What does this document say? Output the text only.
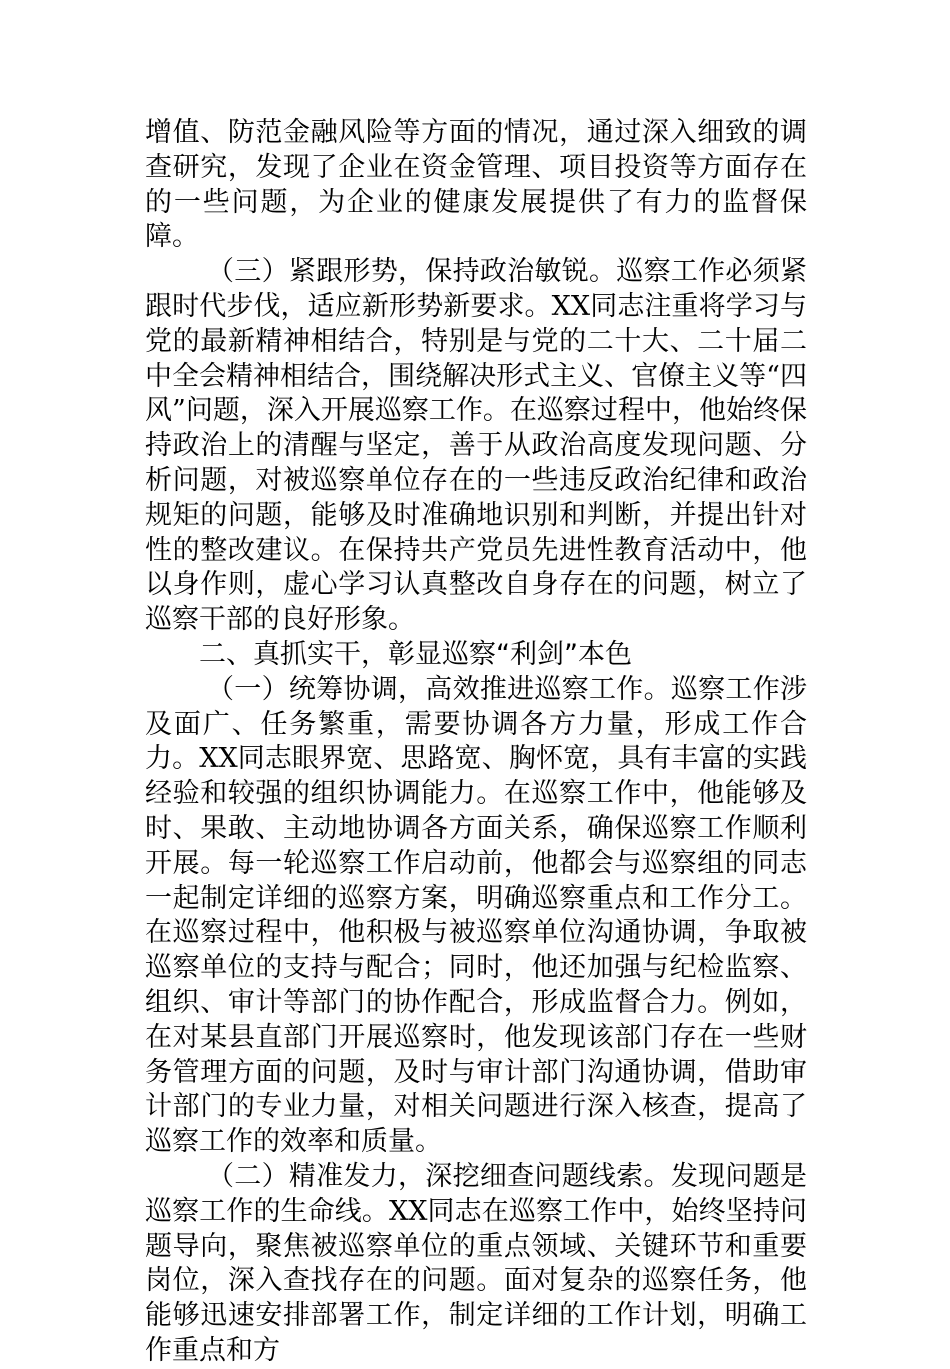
增值、防范金融风险等方面的情况，通过深入细致的调查研究，发现了企业在资金管理、项目投资等方面存在的一些问题，为企业的健康发展提供了有力的监督保障。

（三）紧跟形势，保持政治敏锐。巡察工作必须紧跟时代步伐，适应新形势新要求。XX同志注重将学习与党的最新精神相结合，特别是与党的二十大、二十届二中全会精神相结合，围绕解决形式主义、官僚主义等“四风”问题，深入开展巡察工作。在巡察过程中，他始终保持政治上的清醒与坚定，善于从政治高度发现问题、分析问题，对被巡察单位存在的一些违反政治纪律和政治规矩的问题，能够及时准确地识别和判断，并提出针对性的整改建议。在保持共产党员先进性教育活动中，他以身作则，虚心学习认真整改自身存在的问题，树立了巡察干部的良好形象。

二、真抓实干，彰显巡察“利剑”本色

（一）统筹协调，高效推进巡察工作。巡察工作涉及面广、任务繁重，需要协调各方力量，形成工作合力。XX同志眼界宽、思路宽、胸怀宽，具有丰富的实践经验和较强的组织协调能力。在巡察工作中，他能够及时、果敢、主动地协调各方面关系，确保巡察工作顺利开展。每一轮巡察工作启动前，他都会与巡察组的同志一起制定详细的巡察方案，明确巡察重点和工作分工。在巡察过程中，他积极与被巡察单位沟通协调，争取被巡察单位的支持与配合；同时，他还加强与纪检监察、组织、审计等部门的协作配合，形成监督合力。例如，在对某县直部门开展巡察时，他发现该部门存在一些财务管理方面的问题，及时与审计部门沟通协调，借助审计部门的专业力量，对相关问题进行深入核查，提高了巡察工作的效率和质量。

（二）精准发力，深挖细查问题线索。发现问题是巡察工作的生命线。XX同志在巡察工作中，始终坚持问题导向，聚焦被巡察单位的重点领域、关键环节和重要岗位，深入查找存在的问题。面对复杂的巡察任务，他能够迅速安排部署工作，制定详细的工作计划，明确工作重点和方
